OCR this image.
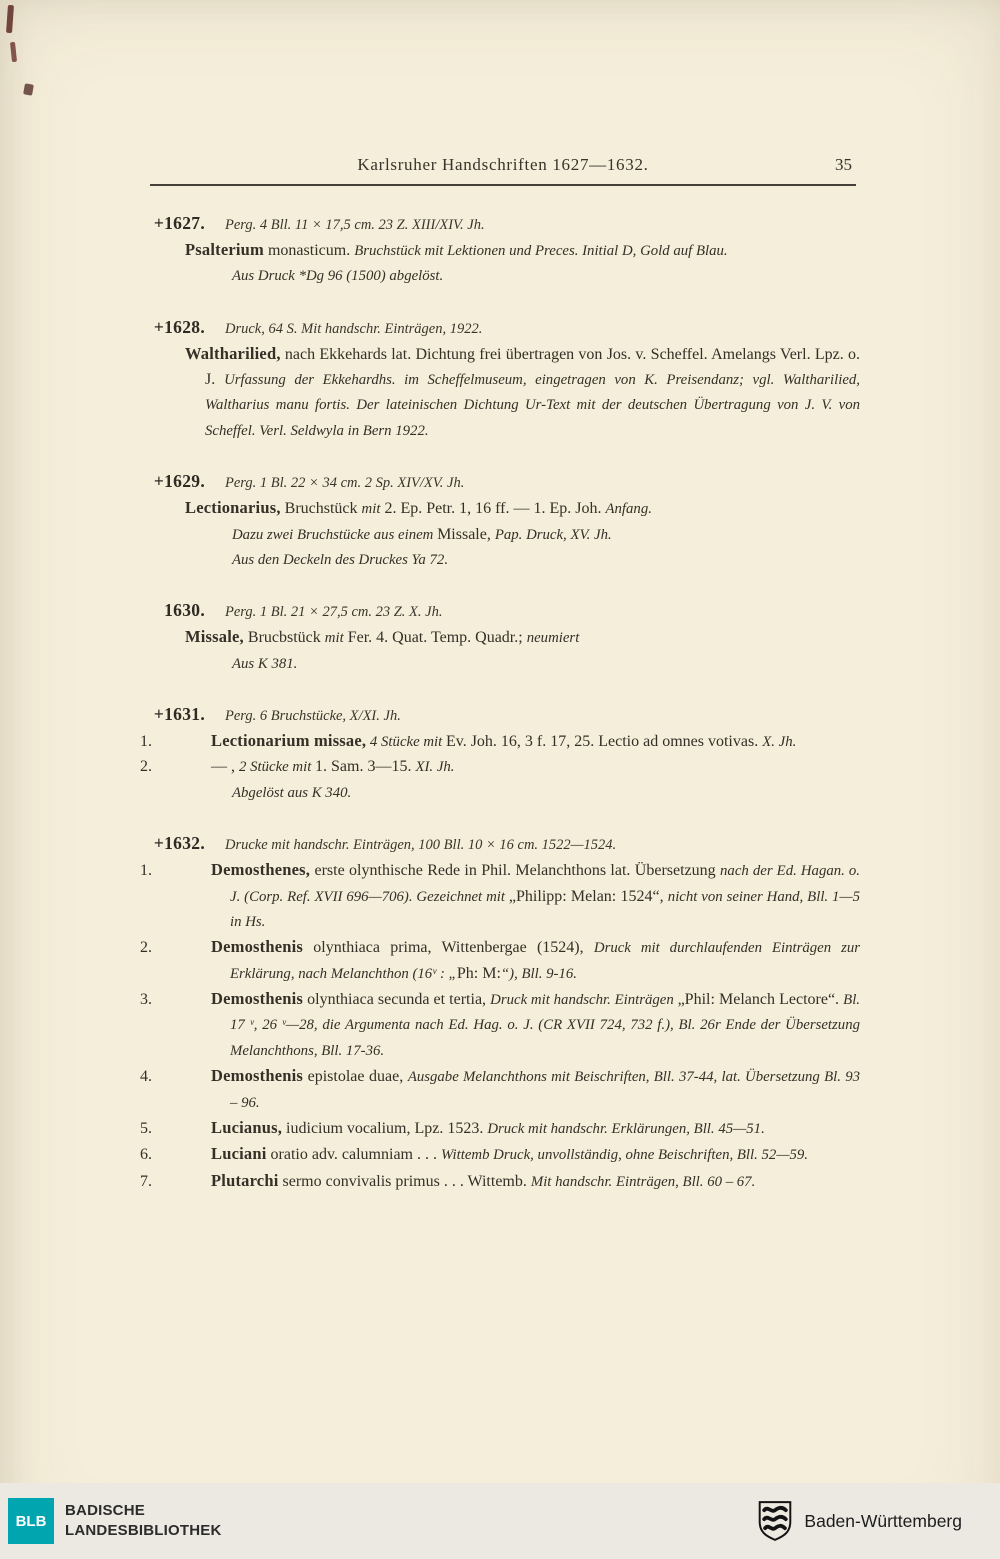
Karlsruher Handschriften 1627—1632.	35
+1627. Perg. 4 Bll. 11 × 17,5 cm. 23 Z. XIII/XIV. Jh.

Psalterium monasticum. Bruchstück mit Lektionen und Preces. Initial D, Gold auf Blau.

Aus Druck *Dg 96 (1500) abgelöst.

+1628. Druck, 64 S. Mit handschr. Einträgen, 1922.

Waltharilied, nach Ekkehards lat. Dichtung frei übertragen von Jos. v. Scheffel. Amelangs Verl. Lpz. o. J. Urfassung der Ekkehardhs. im Scheffelmuseum, eingetragen von K. Preisendanz; vgl. Waltharilied, Waltharius manu fortis. Der lateinischen Dichtung Ur-Text mit der deutschen Übertragung von J. V. von Scheffel. Verl. Seldwyla in Bern 1922.

+1629. Perg. 1 Bl. 22 × 34 cm. 2 Sp. XIV/XV. Jh.

Lectionarius, Bruchstück mit 2. Ep. Petr. 1, 16 ff. — 1. Ep. Joh. Anfang.

Dazu zwei Bruchstücke aus einem Missale, Pap. Druck, XV. Jh.

Aus den Deckeln des Druckes Ya 72.

1630. Perg. 1 Bl. 21 × 27,5 cm. 23 Z. X. Jh.

Missale, Brucbstück mit Fer. 4. Quat. Temp. Quadr.; neumiert

Aus K 381.

+1631. Perg. 6 Bruchstücke, X/XI. Jh.

1.	Lectionarium missae, 4 Stücke mit Ev. Joh. 16, 3 f. 17, 25. Lectio ad omnes votivas. X. Jh.

2.	— , 2 Stücke mit 1. Sam. 3—15. XI. Jh.

Abgelöst aus K 340.

+1632. Drucke mit handschr. Einträgen, 100 Bll. 10 × 16 cm. 1522—1524.

1.	Demosthenes, erste olynthische Rede in Phil. Melanchthons lat. Übersetzung nach der Ed. Hagan. o. J. (Corp. Ref. XVII 696—706). Gezeichnet mit „Philipp: Melan: 1524“, nicht von seiner Hand, Bll. 1—5 in Hs.

2.	Demosthenis olynthiaca prima, Wittenbergae (1524), Druck mit durchlaufenden Einträgen zur Erklärung, nach Melanchthon (16ᵛ : „Ph: M:“), Bll. 9-16.

3.	Demosthenis olynthiaca secunda et tertia, Druck mit handschr. Einträgen „Phil: Melanch Lectore“. Bl. 17 ᵛ, 26 ᵛ—28, die Argumenta nach Ed. Hag. o. J. (CR XVII 724, 732 f.), Bl. 26r Ende der Übersetzung Melanchthons, Bll. 17-36.

4.	Demosthenis epistolae duae, Ausgabe Melanchthons mit Beischriften, Bll. 37-44, lat. Übersetzung Bl. 93 – 96.

5.	Lucianus, iudicium vocalium, Lpz. 1523. Druck mit handschr. Erklärungen, Bll. 45—51.

6.	Luciani oratio adv. calumniam . . . Wittemb Druck, unvollständig, ohne Beischriften, Bll. 52—59.

7.	Plutarchi sermo convivalis primus . . . Wittemb. Mit handschr. Einträgen, Bll. 60 – 67.

BLB
BADISCHE
LANDESBIBLIOTHEK	Baden-Württemberg
